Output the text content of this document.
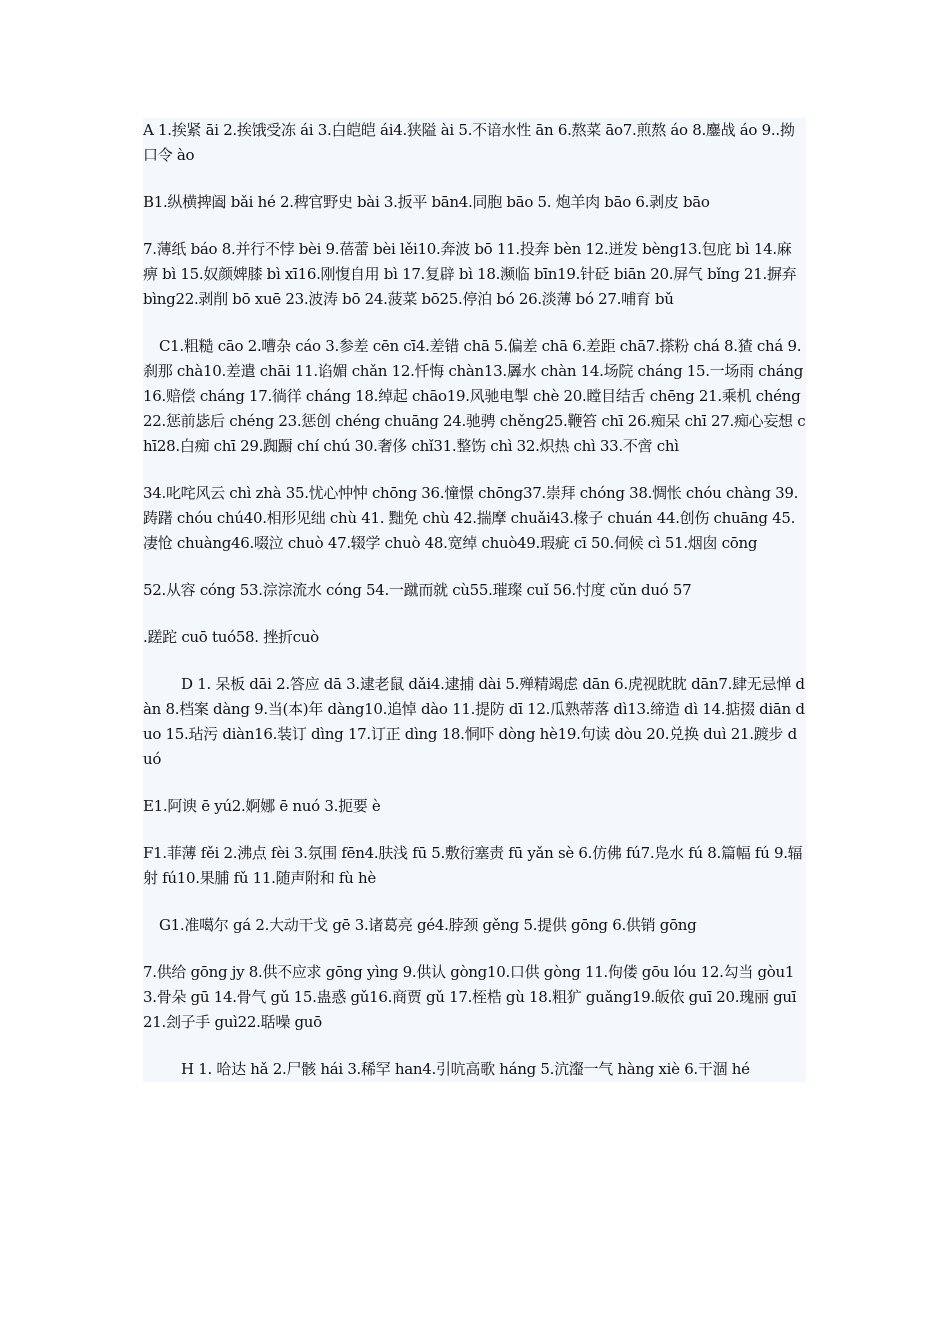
A 1.挨紧 āi 2.挨饿受冻 ái 3.白皑皑 ái4.狭隘 ài 5.不谙水性 ān 6.熬菜 āo7.煎熬 áo 8.鏖战 áo 9..拗口令 ào

B1.纵横捭阖 bǎi hé 2.稗官野史 bài 3.扳平 bān4.同胞 bāo 5. 炮羊肉 bāo 6.剥皮 bāo

7.薄纸 báo 8.并行不悖 bèi 9.蓓蕾 bèi lěi10.奔波 bō 11.投奔 bèn 12.迸发 bèng13.包庇 bì 14.麻痹 bì 15.奴颜婢膝 bì xī16.刚愎自用 bì 17.复辟 bì 18.濒临 bīn19.针砭 biān 20.屏气 bǐng 21.摒弃 bìng22.剥削 bō xuē 23.波涛 bō 24.菠菜 bō25.停泊 bó 26.淡薄 bó 27.哺育 bǔ

C1.粗糙 cāo 2.嘈杂 cáo 3.参差 cēn cī4.差错 chā 5.偏差 chā 6.差距 chā7.搽粉 chá 8.猹 chá 9.刹那 chà10.差遣 chāi 11.谄媚 chǎn 12.忏悔 chàn13.羼水 chàn 14.场院 cháng 15.一场雨 cháng16.赔偿 cháng 17.徜徉 cháng 18.绰起 chāo19.风驰电掣 chè 20.瞠目结舌 chēng 21.乘机 chéng22.惩前毖后 chéng 23.惩创 chéng chuāng 24.驰骋 chěng25.鞭笞 chī 26.痴呆 chī 27.痴心妄想 chī28.白痴 chī 29.踟蹰 chí chú 30.奢侈 chǐ31.整饬 chì 32.炽热 chì 33.不啻 chì

34.叱咤风云 chì zhà 35.忧心忡忡 chōng 36.憧憬 chōng37.崇拜 chóng 38.惆怅 chóu chàng 39.踌躇 chóu chú40.相形见绌 chù 41. 黜免 chù 42.揣摩 chuǎi43.椽子 chuán 44.创伤 chuāng 45.凄怆 chuàng46.啜泣 chuò 47.辍学 chuò 48.宽绰 chuò49.瑕疵 cī 50.伺候 cì 51.烟囱 cōng

52.从容 cóng 53.淙淙流水 cóng 54.一蹴而就 cù55.璀璨 cuǐ 56.忖度 cǔn duó 57

.蹉跎 cuō tuó58. 挫折cuò

D 1. 呆板 dāi 2.答应 dā 3.逮老鼠 dǎi4.逮捕 dài 5.殚精竭虑 dān 6.虎视眈眈 dān7.肆无忌惮 dàn 8.档案 dàng 9.当(本)年 dàng10.追悼 dào 11.提防 dī 12.瓜熟蒂落 dì13.缔造 dì 14.掂掇 diān duo 15.玷污 diàn16.装订 dìng 17.订正 dìng 18.恫吓 dòng hè19.句读 dòu 20.兑换 duì 21.踱步 duó

E1.阿谀 ē yú2.婀娜 ē nuó 3.扼要 è

F1.菲薄 fěi 2.沸点 fèi 3.氛围 fēn4.肤浅 fū 5.敷衍塞责 fū yǎn sè 6.仿佛 fú7.凫水 fú 8.篇幅 fú 9.辐射 fú10.果脯 fǔ 11.随声附和 fù hè

G1.准噶尔 gá 2.大动干戈 gē 3.诸葛亮 gé4.脖颈 gěng 5.提供 gōng 6.供销 gōng

7.供给 gōng jy 8.供不应求 gōng yìng 9.供认 gòng10.口供 gòng 11.佝偻 gōu lóu 12.勾当 gòu13.骨朵 gū 14.骨气 gǔ 15.蛊惑 gǔ16.商贾 gǔ 17.桎梏 gù 18.粗犷 guǎng19.皈依 guī 20.瑰丽 guī 21.刽子手 guì22.聒噪 guō

H 1. 哈达 hǎ 2.尸骸 hái 3.稀罕 han4.引吭高歌 háng 5.沆瀣一气 hàng xiè 6.干涸 hé
